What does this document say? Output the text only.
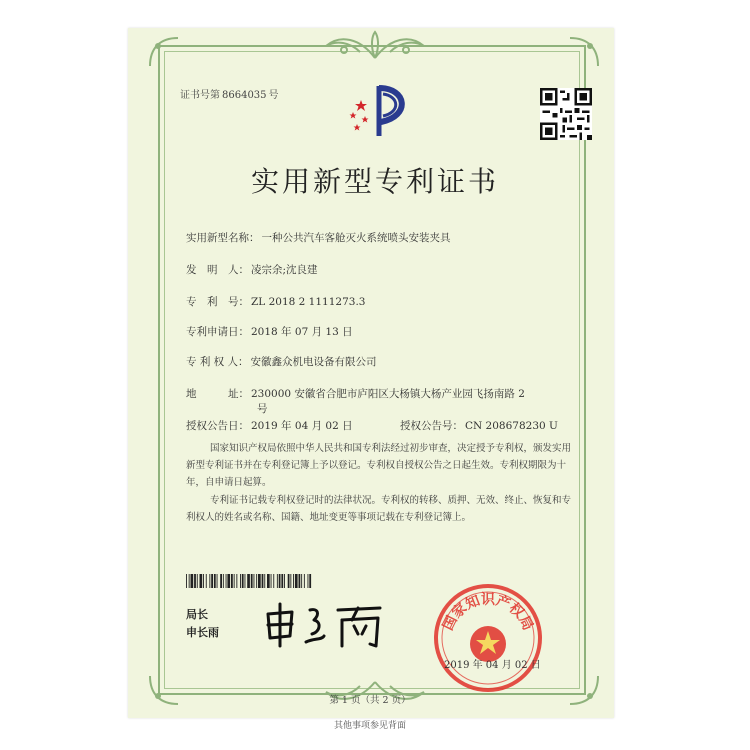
证书号第 8664035 号
实用新型专利证书
实用新型名称： 一种公共汽车客舱灭火系统喷头安装夹具
发　明　人： 凌宗余;沈良建
专　利　号： ZL 2018 2 1111273.3
专利申请日： 2018 年 07 月 13 日
专 利 权 人： 安徽鑫众机电设备有限公司
地　　　址： 230000 安徽省合肥市庐阳区大杨镇大杨产业园飞扬南路 2
号
授权公告日： 2019 年 04 月 02 日	授权公告号： CN 208678230 U
国家知识产权局依照中华人民共和国专利法经过初步审查，决定授予专利权，颁发实用新型专利证书并在专利登记簿上予以登记。专利权自授权公告之日起生效。专利权期限为十年，自申请日起算。
专利证书记载专利权登记时的法律状况。专利权的转移、质押、无效、终止、恢复和专利权人的姓名或名称、国籍、地址变更等事项记载在专利登记簿上。
局长
申长雨	国家知识产权局
2019 年 04 月 02 日
第 1 页（共 2 页）
其他事项参见背面
